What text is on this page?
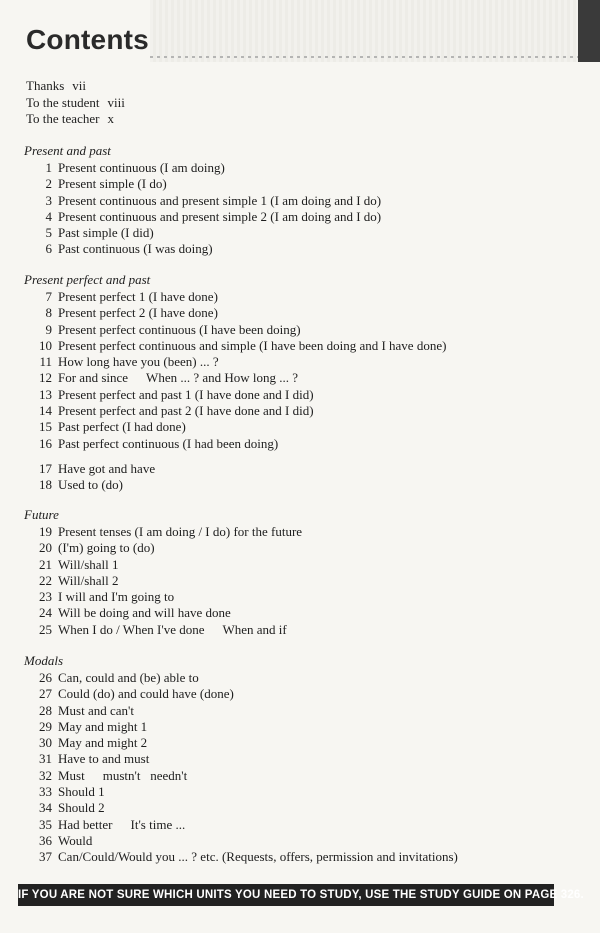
Contents
Thanks vii
To the student viii
To the teacher x
Present and past
1 Present continuous (I am doing)
2 Present simple (I do)
3 Present continuous and present simple 1 (I am doing and I do)
4 Present continuous and present simple 2 (I am doing and I do)
5 Past simple (I did)
6 Past continuous (I was doing)
Present perfect and past
7 Present perfect 1 (I have done)
8 Present perfect 2 (I have done)
9 Present perfect continuous (I have been doing)
10 Present perfect continuous and simple (I have been doing and I have done)
11 How long have you (been) ... ?
12 For and since When ... ? and How long ... ?
13 Present perfect and past 1 (I have done and I did)
14 Present perfect and past 2 (I have done and I did)
15 Past perfect (I had done)
16 Past perfect continuous (I had been doing)
17 Have got and have
18 Used to (do)
Future
19 Present tenses (I am doing / I do) for the future
20 (I'm) going to (do)
21 Will/shall 1
22 Will/shall 2
23 I will and I'm going to
24 Will be doing and will have done
25 When I do / When I've done When and if
Modals
26 Can, could and (be) able to
27 Could (do) and could have (done)
28 Must and can't
29 May and might 1
30 May and might 2
31 Have to and must
32 Must mustn't   needn't
33 Should 1
34 Should 2
35 Had better It's time ...
36 Would
37 Can/Could/Would you ... ? etc. (Requests, offers, permission and invitations)
IF YOU ARE NOT SURE WHICH UNITS YOU NEED TO STUDY, USE THE STUDY GUIDE ON PAGE 326.
